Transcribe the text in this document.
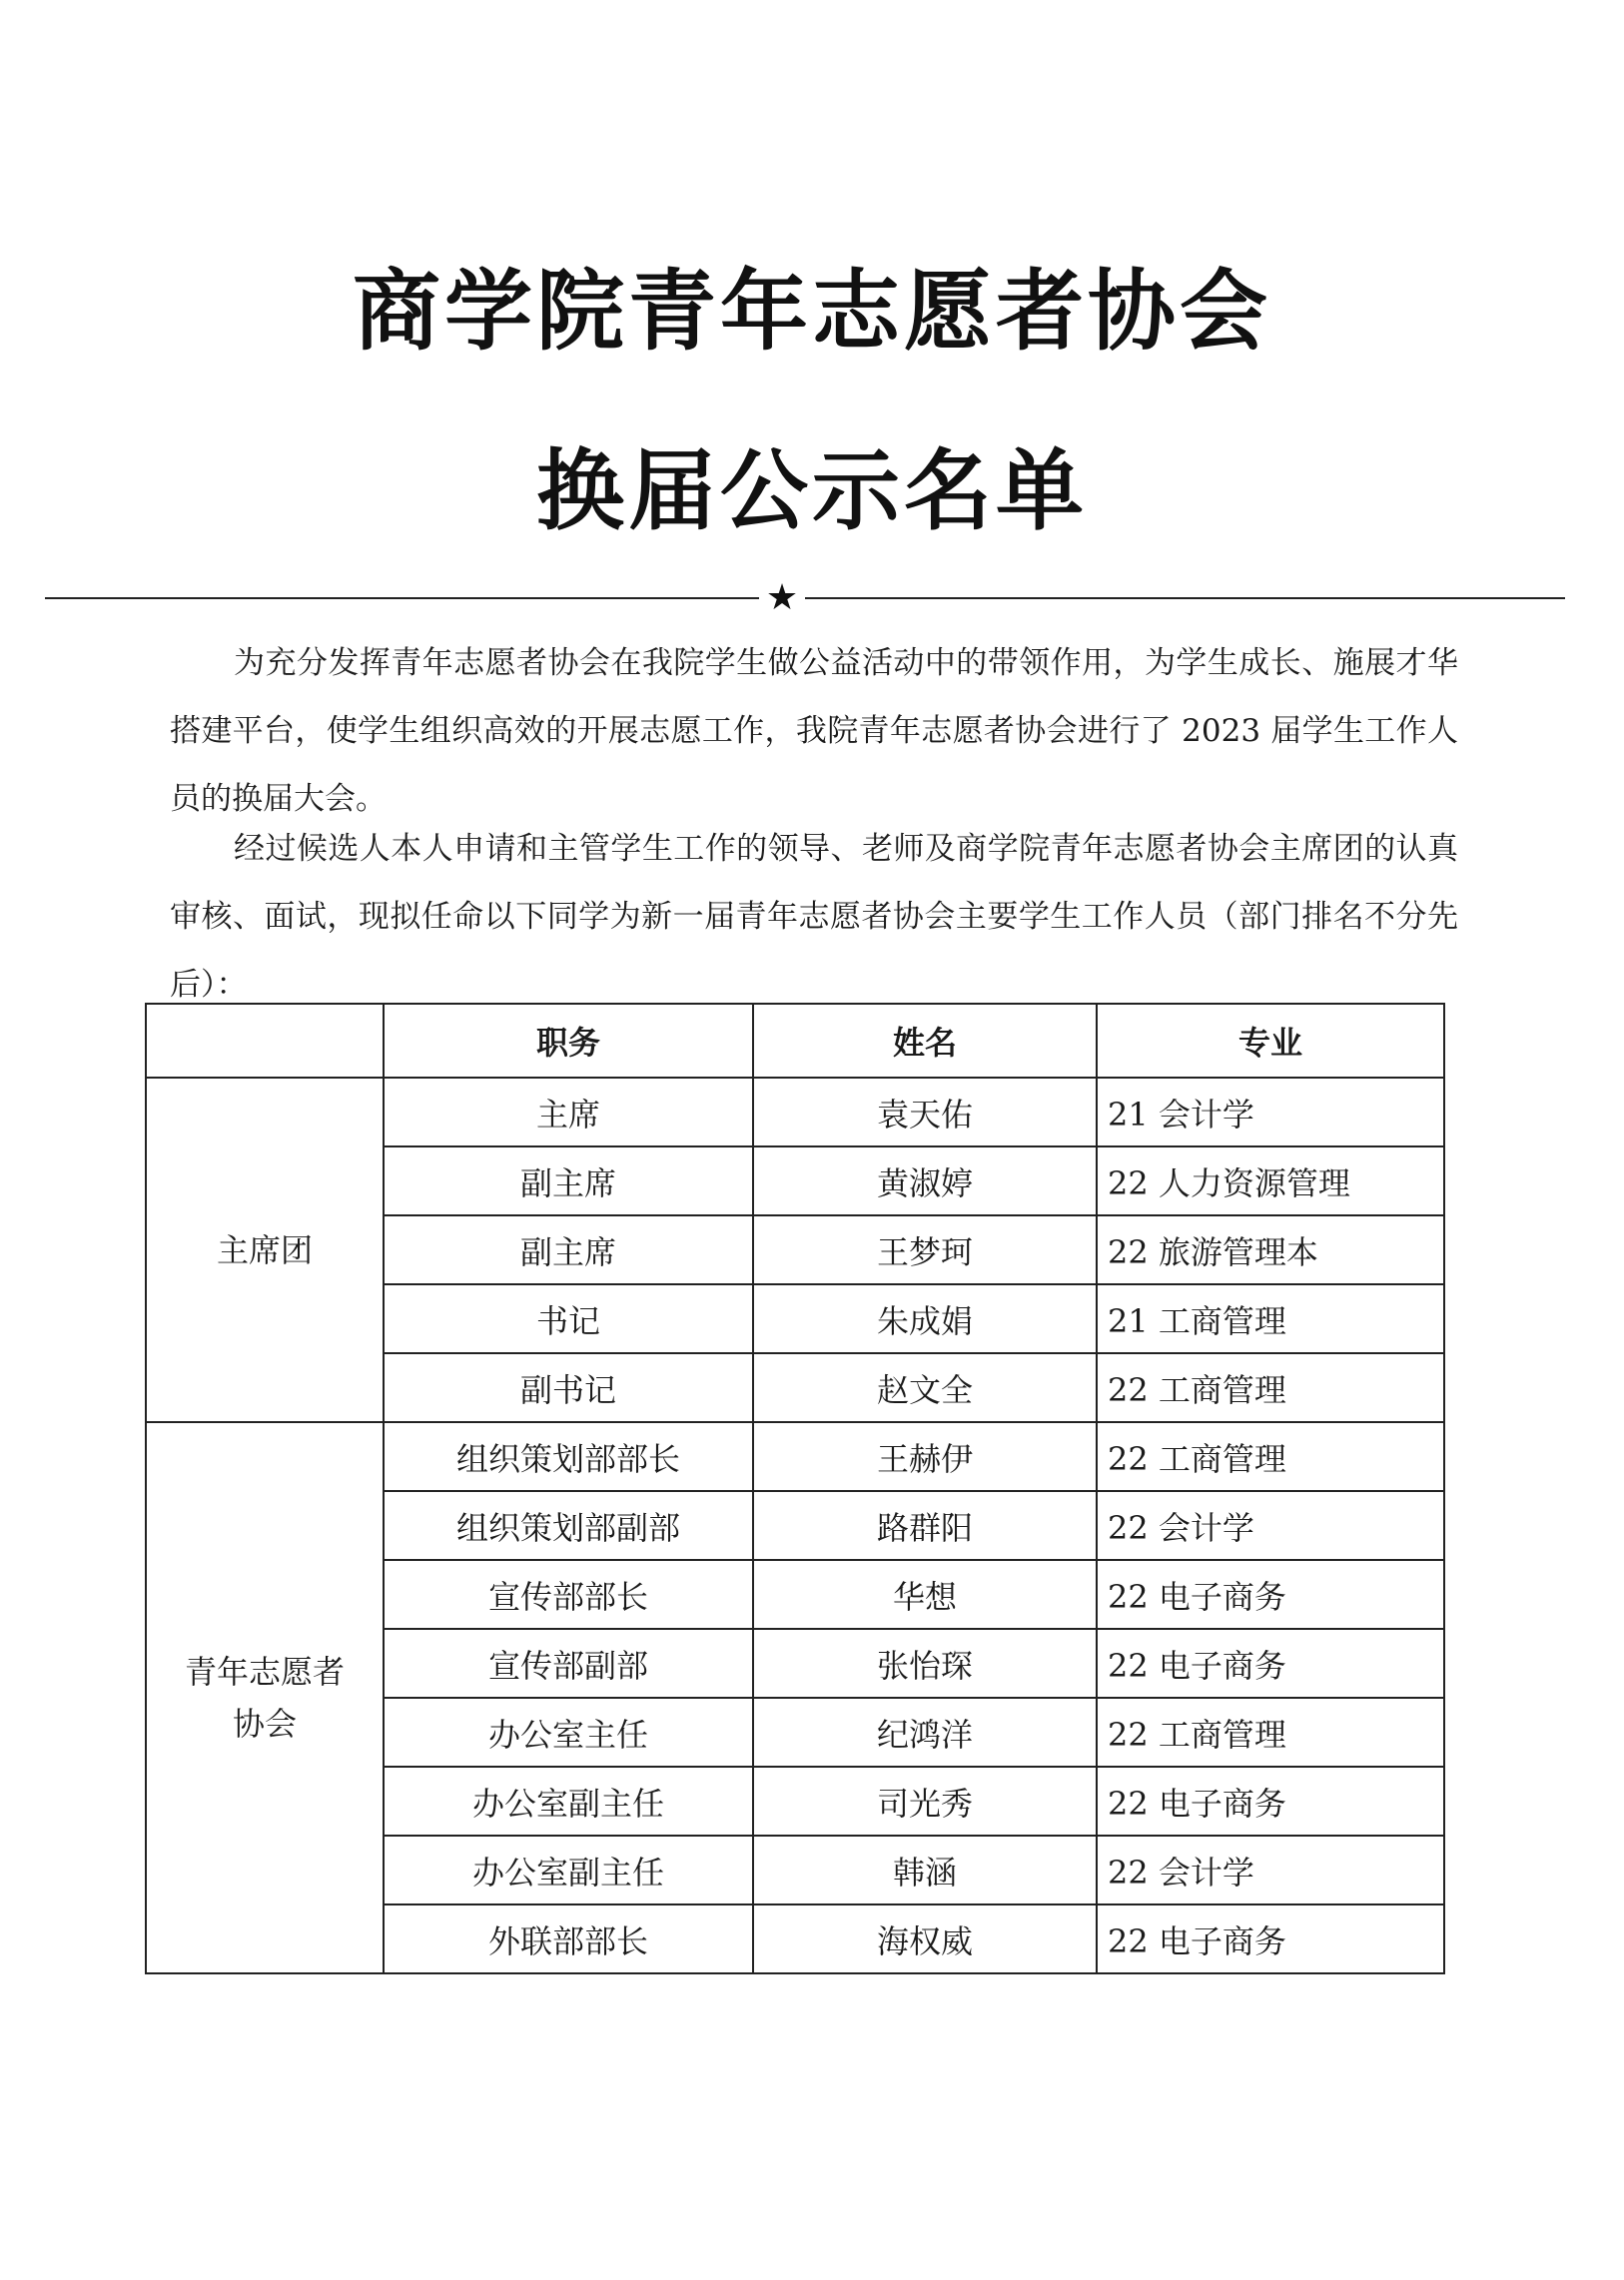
商学院青年志愿者协会
换届公示名单
★

为充分发挥青年志愿者协会在我院学生做公益活动中的带领作用，为学生成长、施展才华搭建平台，使学生组织高效的开展志愿工作，我院青年志愿者协会进行了 2023 届学生工作人员的换届大会。

经过候选人本人申请和主管学生工作的领导、老师及商学院青年志愿者协会主席团的认真审核、面试，现拟任命以下同学为新一届青年志愿者协会主要学生工作人员（部门排名不分先后）：

	职务	姓名	专业

主席团	主席	袁天佑	21 会计学
	副主席	黄淑婷	22 人力资源管理
	副主席	王梦珂	22 旅游管理本
	书记	朱成娟	21 工商管理
	副书记	赵文全	22 工商管理

青年志愿者
协会	组织策划部部长	王赫伊	22 工商管理
	组织策划部副部	路群阳	22 会计学
	宣传部部长	华想	22 电子商务
	宣传部副部	张怡琛	22 电子商务
	办公室主任	纪鸿洋	22 工商管理
	办公室副主任	司光秀	22 电子商务
	办公室副主任	韩涵	22 会计学
	外联部部长	海权威	22 电子商务
